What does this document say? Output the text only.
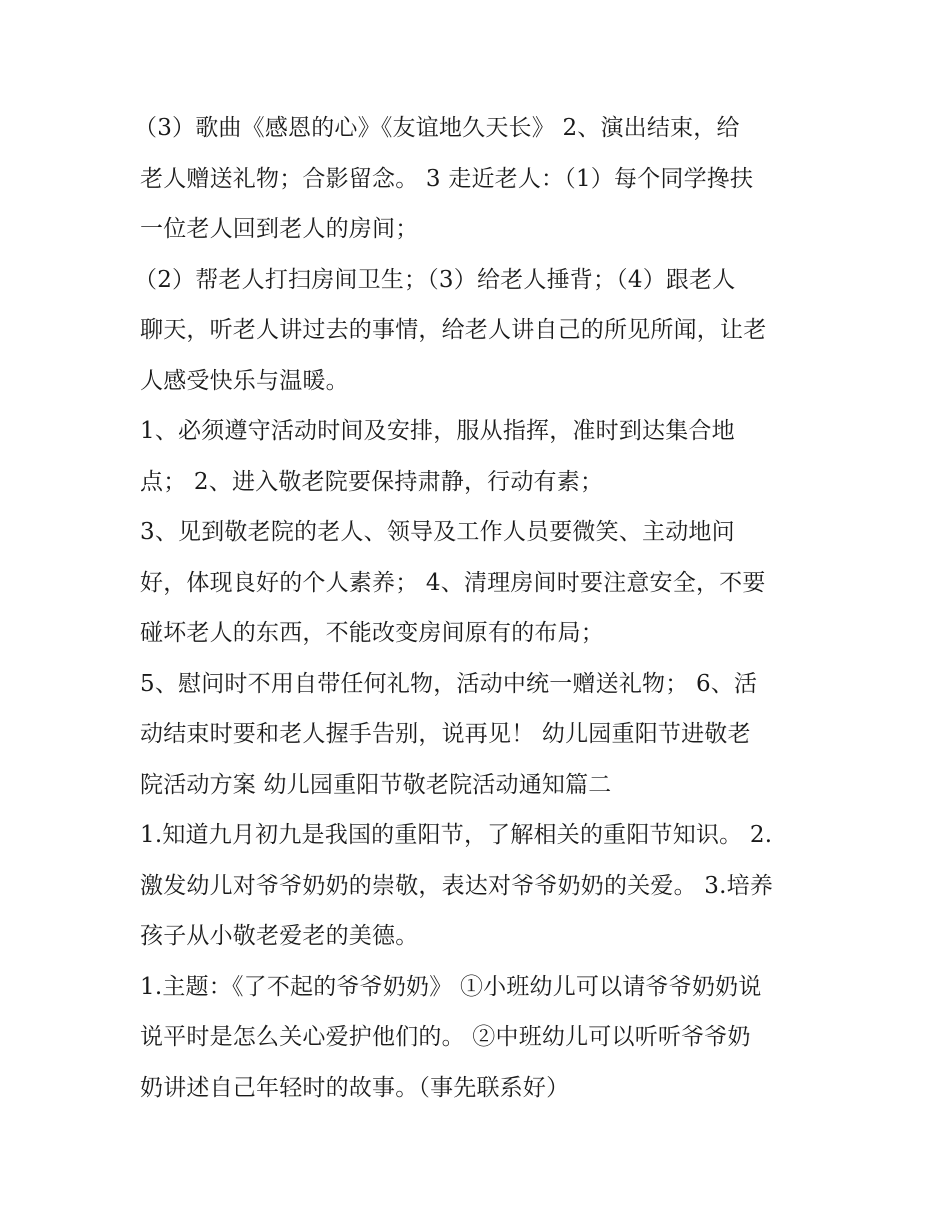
（3）歌曲《感恩的心》《友谊地久天长》 2、演出结束，给
老人赠送礼物；合影留念。 3 走近老人：（1）每个同学搀扶
一位老人回到老人的房间；
（2）帮老人打扫房间卫生；（3）给老人捶背；（4）跟老人
聊天，听老人讲过去的事情，给老人讲自己的所见所闻，让老
人感受快乐与温暖。
1、必须遵守活动时间及安排，服从指挥，准时到达集合地
点； 2、进入敬老院要保持肃静，行动有素；
3、见到敬老院的老人、领导及工作人员要微笑、主动地问
好，体现良好的个人素养； 4、清理房间时要注意安全，不要
碰坏老人的东西，不能改变房间原有的布局；
5、慰问时不用自带任何礼物，活动中统一赠送礼物； 6、活
动结束时要和老人握手告别，说再见！ 幼儿园重阳节进敬老
院活动方案 幼儿园重阳节敬老院活动通知篇二
1.知道九月初九是我国的重阳节，了解相关的重阳节知识。 2.
激发幼儿对爷爷奶奶的崇敬，表达对爷爷奶奶的关爱。 3.培养
孩子从小敬老爱老的美德。
1.主题：《了不起的爷爷奶奶》 ①小班幼儿可以请爷爷奶奶说
说平时是怎么关心爱护他们的。 ②中班幼儿可以听听爷爷奶
奶讲述自己年轻时的故事。（事先联系好）
